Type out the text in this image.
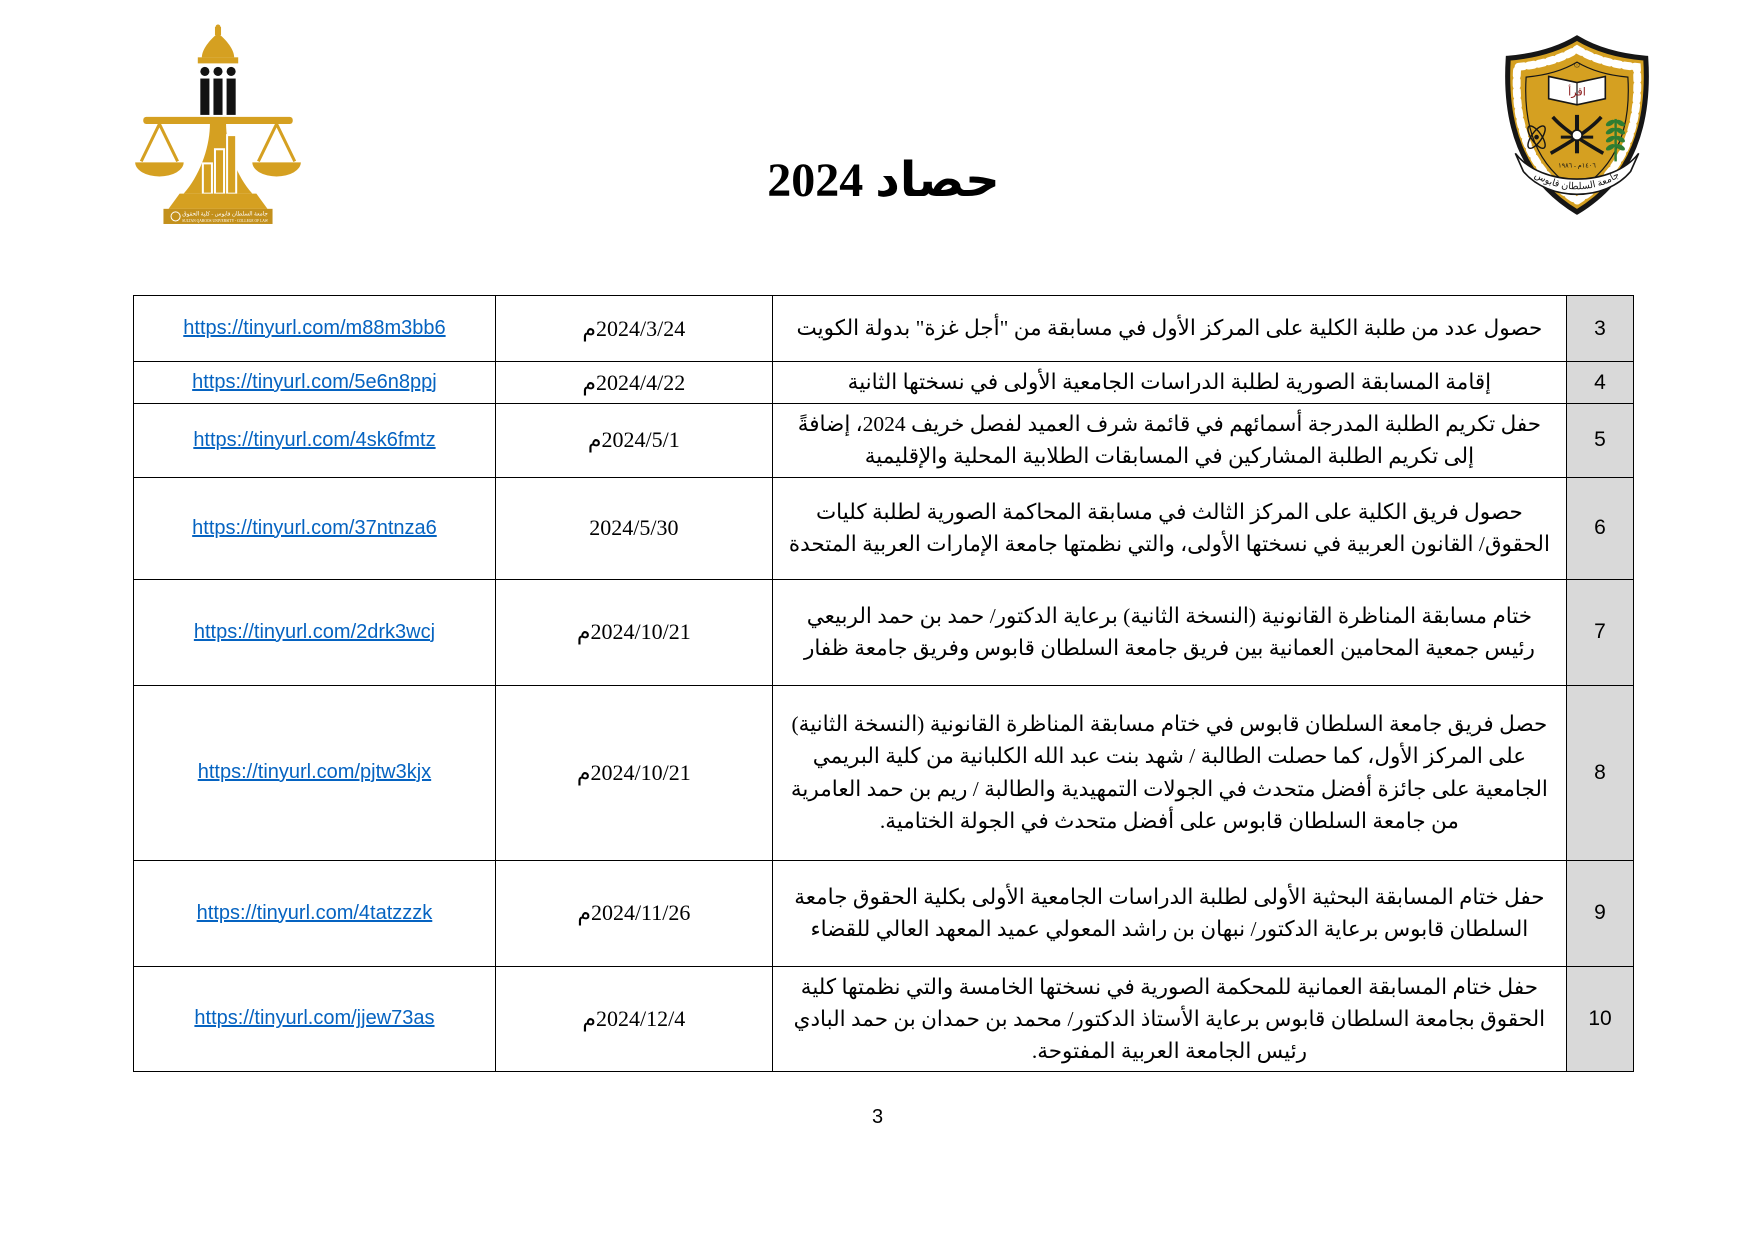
جامعة السلطان قابوس - كلية الحقوق
SULTAN QABOOS UNIVERSITY - COLLEGE OF LAW
حصاد 2024
۞
اقرأ
١٤٠٦م - ١٩٨٦
جامعة السلطان قابوس
3	حصول عدد من طلبة الكلية على المركز الأول في مسابقة من "أجل غزة" بدولة الكويت	2024/3/24م	https://tinyurl.com/m88m3bb6
4	إقامة المسابقة الصورية لطلبة الدراسات الجامعية الأولى في نسختها الثانية	2024/4/22م	https://tinyurl.com/5e6n8ppj
5	حفل تكريم الطلبة المدرجة أسمائهم في قائمة شرف العميد لفصل خريف 2024، إضافةً إلى تكريم الطلبة المشاركين في المسابقات الطلابية المحلية والإقليمية	2024/5/1م	https://tinyurl.com/4sk6fmtz
6	حصول فريق الكلية على المركز الثالث في مسابقة المحاكمة الصورية لطلبة كليات الحقوق/ القانون العربية في نسختها الأولى، والتي نظمتها جامعة الإمارات العربية المتحدة	2024/5/30	https://tinyurl.com/37ntnza6
7	ختام مسابقة المناظرة القانونية (النسخة الثانية) برعاية الدكتور/ حمد بن حمد الربيعي رئيس جمعية المحامين العمانية بين فريق جامعة السلطان قابوس وفريق جامعة ظفار	2024/10/21م	https://tinyurl.com/2drk3wcj
8	حصل فريق جامعة السلطان قابوس في ختام مسابقة المناظرة القانونية (النسخة الثانية) على المركز الأول، كما حصلت الطالبة / شهد بنت عبد الله الكلبانية من كلية البريمي الجامعية على جائزة أفضل متحدث في الجولات التمهيدية والطالبة / ريم بن حمد العامرية من جامعة السلطان قابوس على أفضل متحدث في الجولة الختامية.	2024/10/21م	https://tinyurl.com/pjtw3kjx
9	حفل ختام المسابقة البحثية الأولى لطلبة الدراسات الجامعية الأولى بكلية الحقوق جامعة السلطان قابوس برعاية الدكتور/ نبهان بن راشد المعولي عميد المعهد العالي للقضاء	2024/11/26م	https://tinyurl.com/4tatzzzk
10	حفل ختام المسابقة العمانية للمحكمة الصورية في نسختها الخامسة والتي نظمتها كلية الحقوق بجامعة السلطان قابوس برعاية الأستاذ الدكتور/ محمد بن حمدان بن حمد البادي رئيس الجامعة العربية المفتوحة.	2024/12/4م	https://tinyurl.com/jjew73as
3
